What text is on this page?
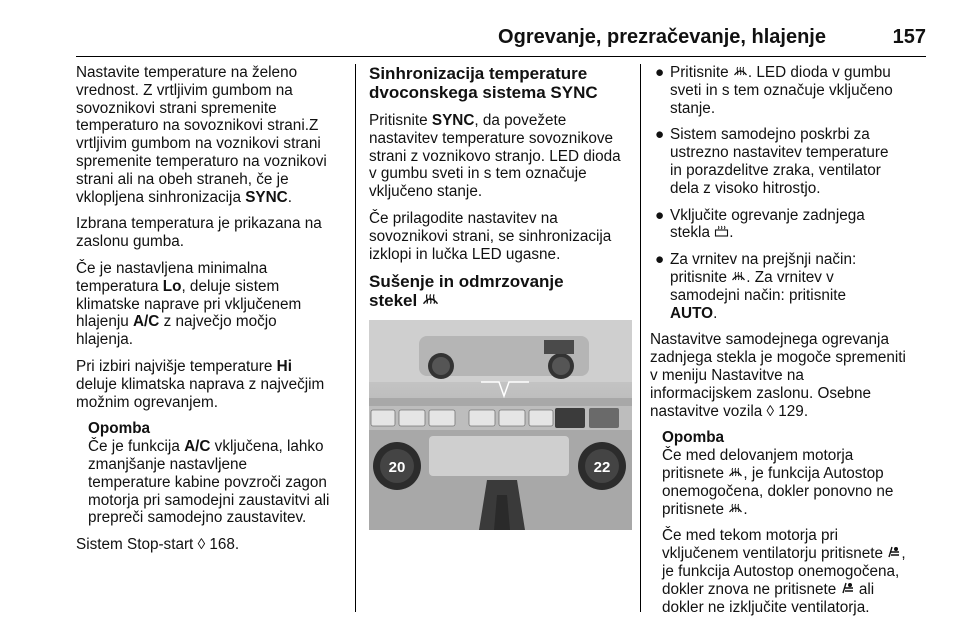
Ogrevanje, prezračevanje, hlajenje	157

Nastavite temperature na želeno
vrednost. Z vrtljivim gumbom na
sovoznikovi strani spremenite
temperaturo na sovoznikovi strani.Z
vrtljivim gumbom na voznikovi strani
spremenite temperaturo na voznikovi
strani ali na obeh straneh, če je
vklopljena sinhronizacija SYNC.

Izbrana temperatura je prikazana na
zaslonu gumba.

Če je nastavljena minimalna
temperatura Lo, deluje sistem
klimatske naprave pri vključenem
hlajenju A/C z največjo močjo
hlajenja.

Pri izbiri najvišje temperature Hi
deluje klimatska naprava z največjim
možnim ogrevanjem.

Opomba
Če je funkcija A/C vključena, lahko
zmanjšanje nastavljene
temperature kabine povzroči zagon
motorja pri samodejni zaustavitvi ali
prepreči samodejno zaustavitev.

Sistem Stop-start ◊ 168.

Sinhronizacija temperature
dvoconskega sistema SYNC

Pritisnite SYNC, da povežete
nastavitev temperature sovoznikove
strani z voznikovo stranjo. LED dioda
v gumbu sveti in s tem označuje
vključeno stanje.

Če prilagodite nastavitev na
sovoznikovi strani, se sinhronizacija
izklopi in lučka LED ugasne.

Sušenje in odmrzovanje
stekel
20	22
● Pritisnite . LED dioda v gumbu
sveti in s tem označuje vključeno
stanje.
● Sistem samodejno poskrbi za
ustrezno nastavitev temperature
in porazdelitve zraka, ventilator
dela z visoko hitrostjo.
● Vključite ogrevanje zadnjega
stekla .
● Za vrnitev na prejšnji način:
pritisnite . Za vrnitev v
samodejni način: pritisnite
AUTO.

Nastavitve samodejnega ogrevanja
zadnjega stekla je mogoče spremeniti
v meniju Nastavitve na
informacijskem zaslonu. Osebne
nastavitve vozila ◊ 129.

Opomba

Če med delovanjem motorja
pritisnete , je funkcija Autostop
onemogočena, dokler ponovno ne
pritisnete .

Če med tekom motorja pri
vključenem ventilatorju pritisnete ,
je funkcija Autostop onemogočena,
dokler znova ne pritisnete  ali
dokler ne izključite ventilatorja.
